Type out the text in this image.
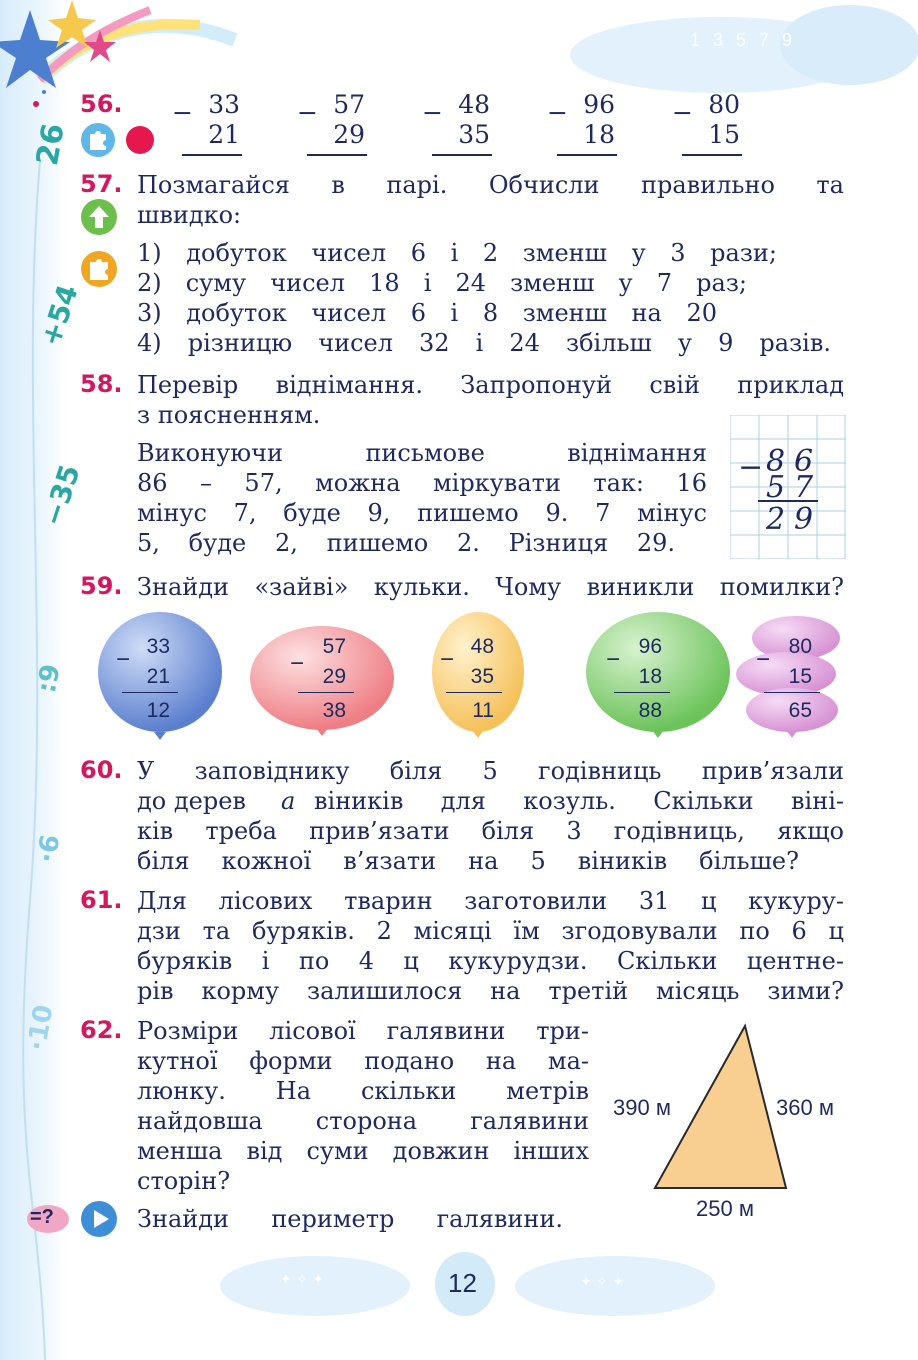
26
+54
−35
:9
·6
·10
1 3 5 7 9
56. − 33
21
− 57
29
− 48
35
− 96
18
− 80
15
57. Позмагайся в парі. Обчисли правильно та
швидко:
1) добуток чисел 6 і 2 зменш у 3 рази;
2) суму чисел 18 і 24 зменш у 7 раз;
3) добуток чисел 6 і 8 зменш на 20
4) різницю чисел 32 і 24 збільш у 9 разів.
58. Перевір віднімання. Запропонуй свій приклад
з поясненням.
Виконуючи письмове віднімання
86 – 57, можна міркувати так: 16
мінус 7, буде 9, пишемо 9. 7 мінус
5, буде 2, пишемо 2. Різниця 29.
− 8 6
5 7
2 9
59. Знайди «зайві» кульки. Чому виникли помилки?
− 33
21
12
−
57
29
38
− 48
35
11
− 96
18
88
− 80
15
65
60. У заповіднику біля 5 годівниць прив’язали
до дерев a віників для козуль. Скільки віні-
ків треба прив’язати біля 3 годівниць, якщо
біля кожної в’язати на 5 віників більше?
61. Для лісових тварин заготовили 31 ц кукуру-
дзи та буряків. 2 місяці їм згодовували по 6 ц
буряків і по 4 ц кукурудзи. Скільки центне-
рів корму залишилося на третій місяць зими?
62. Розміри лісової галявини три-
кутної форми подано на ма-
люнку. На скільки метрів
найдовша сторона галявини
менша від суми довжин інших
сторін?
390 м	360 м
250 м
=?	Знайди периметр галявини.
✦ ✧ ✦	✦ ✧ ✦
12
